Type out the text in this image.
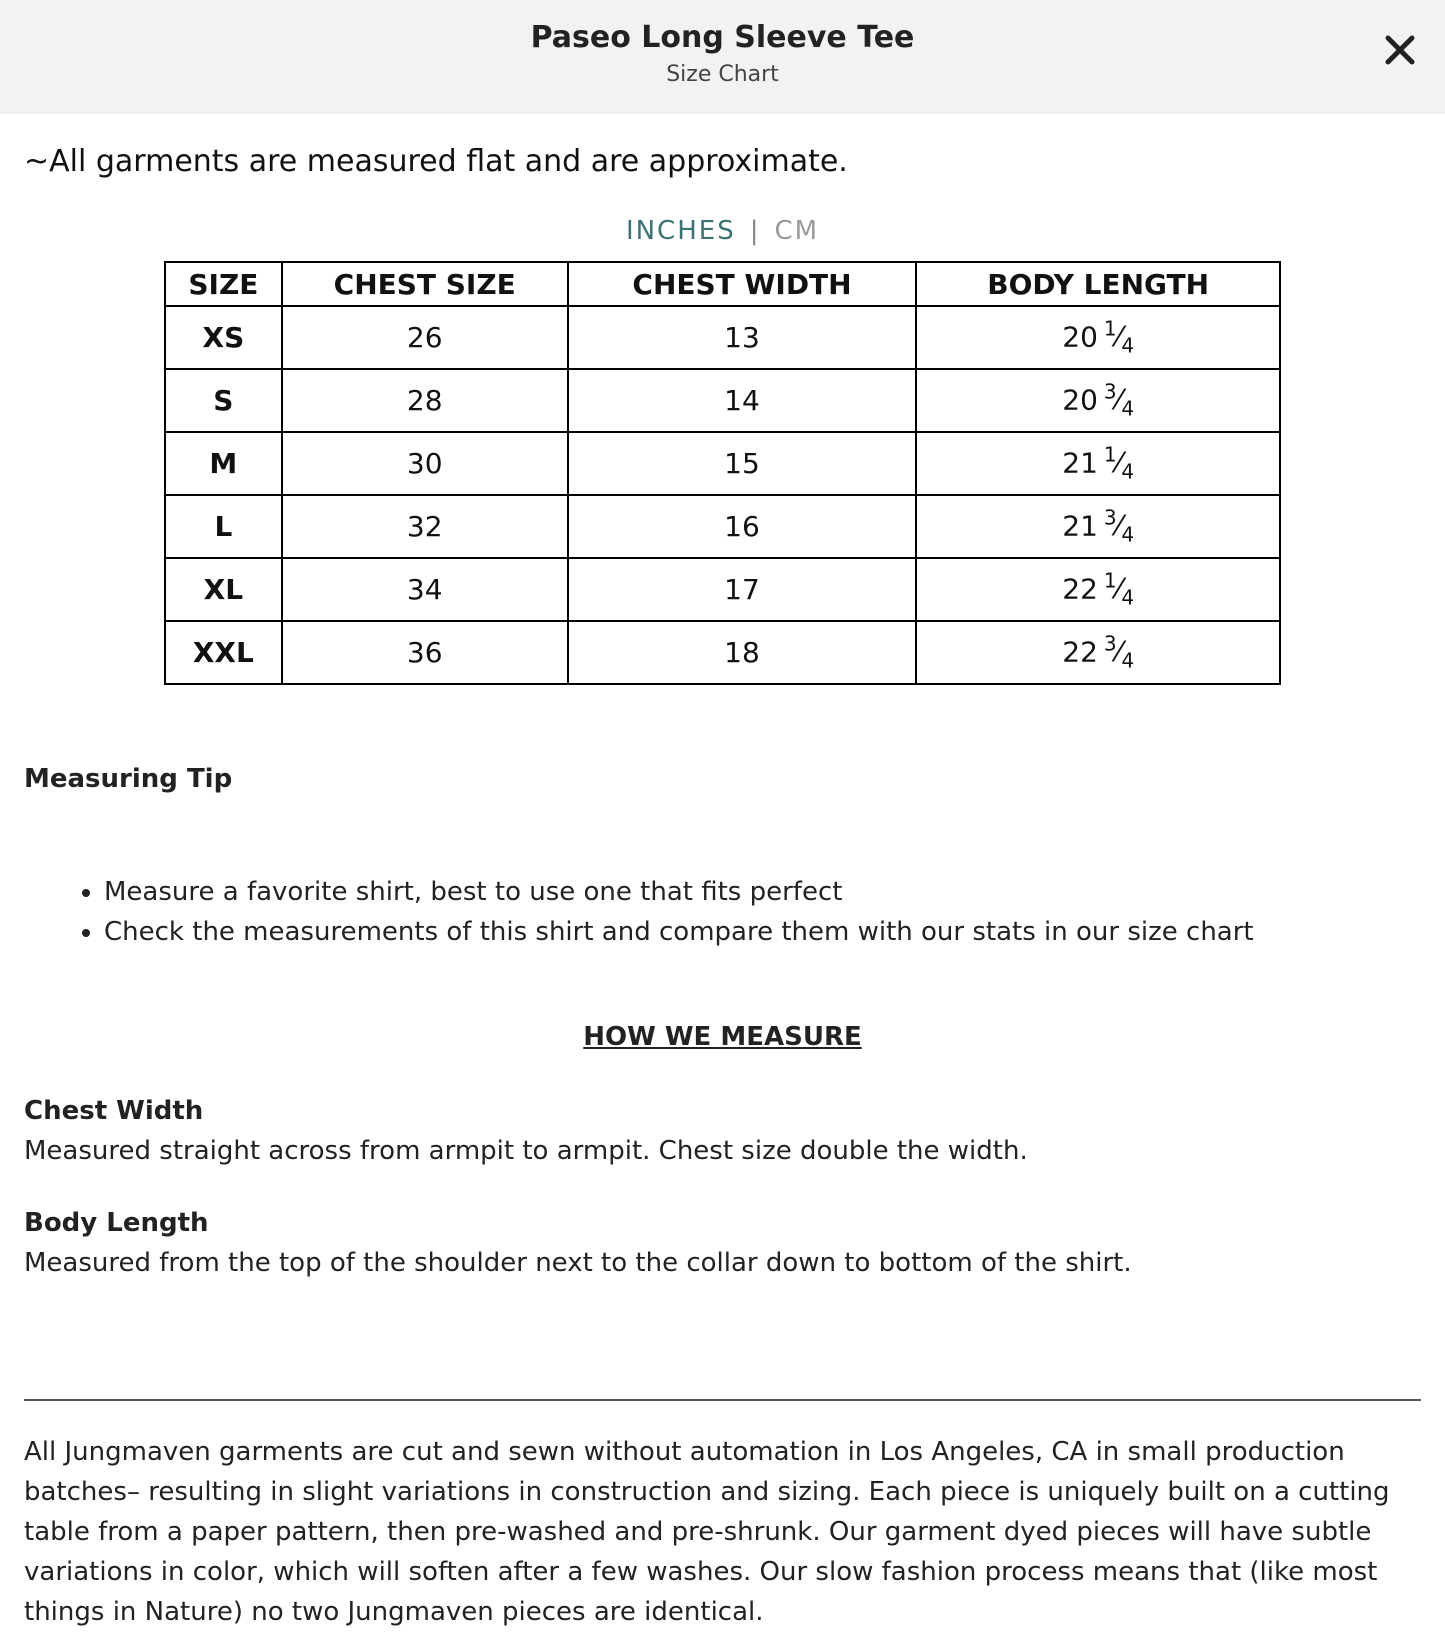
Paseo Long Sleeve Tee
Size Chart
~All garments are measured flat and are approximate.
INCHES | CM
SIZE	CHEST SIZE	CHEST WIDTH	BODY LENGTH
XS	26	13	20 $^1⁄_4$
S	28	14	20 $^3⁄_4$
M	30	15	21 $^1⁄_4$
L	32	16	21 $^3⁄_4$
XL	34	17	22 $^1⁄_4$
XXL	36	18	22 $^3⁄_4$
Measuring Tip
• Measure a favorite shirt, best to use one that fits perfect
• Check the measurements of this shirt and compare them with our stats in our size chart
HOW WE MEASURE
Chest Width
Measured straight across from armpit to armpit. Chest size double the width.
Body Length
Measured from the top of the shoulder next to the collar down to bottom of the shirt.

All Jungmaven garments are cut and sewn without automation in Los Angeles, CA in small production batches– resulting in slight variations in construction and sizing. Each piece is uniquely built on a cutting table from a paper pattern, then pre-washed and pre-shrunk. Our garment dyed pieces will have subtle variations in color, which will soften after a few washes. Our slow fashion process means that (like most things in Nature) no two Jungmaven pieces are identical.
